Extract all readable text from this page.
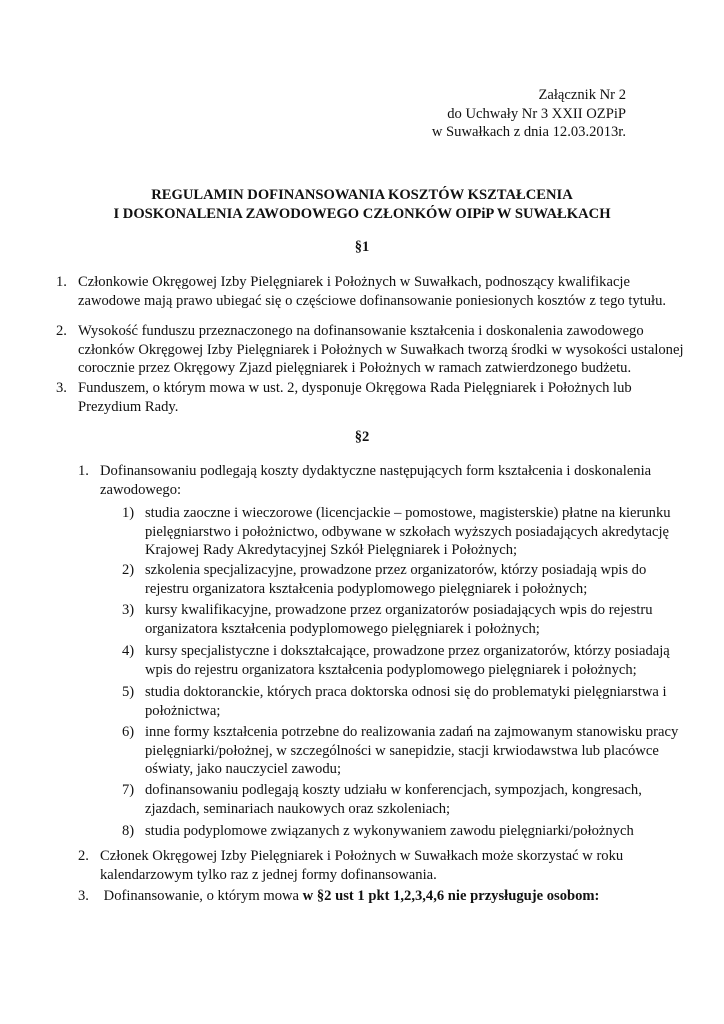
Załącznik Nr 2
do Uchwały Nr 3 XXII OZPiP
w Suwałkach z dnia 12.03.2013r.
REGULAMIN DOFINANSOWANIA KOSZTÓW KSZTAŁCENIA
I DOSKONALENIA ZAWODOWEGO CZŁONKÓW OIPiP W SUWAŁKACH
§1
1. Członkowie Okręgowej Izby Pielęgniarek i Położnych w Suwałkach, podnoszący kwalifikacje
zawodowe mają prawo ubiegać się o częściowe dofinansowanie poniesionych kosztów z tego tytułu.
2. Wysokość funduszu przeznaczonego na dofinansowanie kształcenia i doskonalenia zawodowego
członków Okręgowej Izby Pielęgniarek i Położnych w Suwałkach tworzą środki w wysokości ustalonej
corocznie przez Okręgowy Zjazd pielęgniarek i Położnych w ramach zatwierdzonego budżetu.
3. Funduszem, o którym mowa w ust. 2, dysponuje Okręgowa Rada Pielęgniarek i Położnych lub
Prezydium Rady.
§2
1. Dofinansowaniu podlegają koszty dydaktyczne następujących form kształcenia i doskonalenia
zawodowego:
1) studia zaoczne i wieczorowe (licencjackie – pomostowe, magisterskie) płatne na kierunku
pielęgniarstwo i położnictwo, odbywane w szkołach wyższych posiadających akredytację
Krajowej Rady Akredytacyjnej Szkół Pielęgniarek i Położnych;
2) szkolenia specjalizacyjne, prowadzone przez organizatorów, którzy posiadają wpis do
rejestru organizatora kształcenia podyplomowego pielęgniarek i położnych;
3) kursy kwalifikacyjne, prowadzone przez organizatorów posiadających wpis do rejestru
organizatora kształcenia podyplomowego pielęgniarek i położnych;
4) kursy specjalistyczne i dokształcające, prowadzone przez organizatorów, którzy posiadają
wpis do rejestru organizatora kształcenia podyplomowego pielęgniarek i położnych;
5) studia doktoranckie, których praca doktorska odnosi się do problematyki pielęgniarstwa i
położnictwa;
6) inne formy kształcenia potrzebne do realizowania zadań na zajmowanym stanowisku pracy
pielęgniarki/położnej, w szczególności w sanepidzie, stacji krwiodawstwa lub placówce
oświaty, jako nauczyciel zawodu;
7) dofinansowaniu podlegają koszty udziału w konferencjach, sympozjach, kongresach,
zjazdach, seminariach naukowych oraz szkoleniach;
8) studia podyplomowe związanych z wykonywaniem zawodu pielęgniarki/położnych
2. Członek Okręgowej Izby Pielęgniarek i Położnych w Suwałkach może skorzystać w roku
kalendarzowym tylko raz z jednej formy dofinansowania.
3. Dofinansowanie, o którym mowa w §2 ust 1 pkt 1,2,3,4,6 nie przysługuje osobom:
